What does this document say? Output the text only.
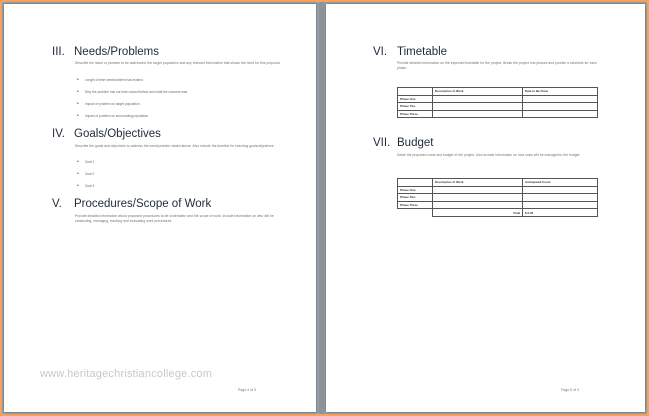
III. Needs/Problems
Describe the issue or problem to be addressed, the target population and any relevant information that shows the need for this proposal.
• Length of time need/problem has existed
• Why the problem has not been solved before and what the outcome was
• Impact of problem on target population
• Impact of problem on surrounding population
IV. Goals/Objectives
Describe the goals and objectives to address the need/problem stated above. Also include the timeline for reaching goals/objectives.
• Goal 1
• Goal 2
• Goal 3
V. Procedures/Scope of Work
Provide detailed information about proposed procedures to be undertaken and the scope of work. Include information on who will be conducting, managing, tracking and evaluating work procedures.
Page 4 of 3
VI. Timetable
Provide detailed information on the expected timetable for the project. Break the project into phases and provide a schedule for each phase.
	Description of Work	Date to Be Done
Phase One		
Phase Two		
Phase Three		
VII. Budget
Detail the proposed costs and budget of the project. Also include information on how costs will be managed to the budget.
	Description of Work	Anticipated Costs
Phase One		
Phase Two		
Phase Three		
	Total	$ 0.00
Page 5 of 3
www.heritagechristiancollege.com
